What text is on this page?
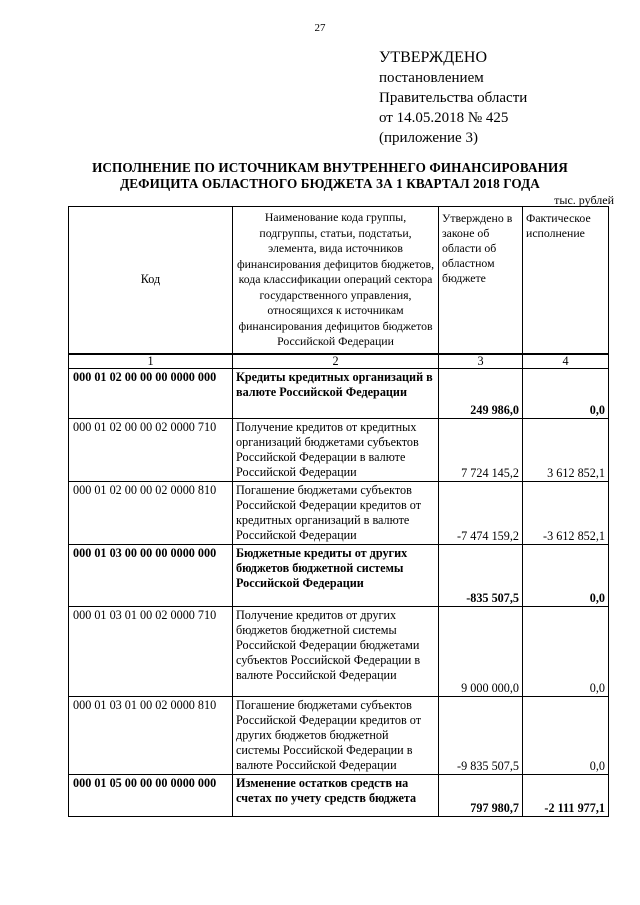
27
УТВЕРЖДЕНО
постановлением
Правительства области
от 14.05.2018 № 425
(приложение 3)
ИСПОЛНЕНИЕ ПО ИСТОЧНИКАМ ВНУТРЕННЕГО ФИНАНСИРОВАНИЯ
ДЕФИЦИТА ОБЛАСТНОГО БЮДЖЕТА ЗА 1 КВАРТАЛ 2018 ГОДА
тыс. рублей
Код	Наименование кода группы, подгруппы, статьи, подстатьи, элемента, вида источников финансирования дефицитов бюджетов, кода классификации операций сектора государственного управления, относящихся к источникам финансирования дефицитов бюджетов Российской Федерации	Утверждено в законе об области об областном бюджете	Фактическое исполнение
1	2	3	4
000 01 02 00 00 00 0000 000	Кредиты кредитных организаций в валюте Российской Федерации	249 986,0	0,0
000 01 02 00 00 02 0000 710	Получение кредитов от кредитных организаций бюджетами субъектов Российской Федерации в валюте Российской Федерации	7 724 145,2	3 612 852,1
000 01 02 00 00 02 0000 810	Погашение бюджетами субъектов Российской Федерации кредитов от кредитных организаций в валюте Российской Федерации	-7 474 159,2	-3 612 852,1
000 01 03 00 00 00 0000 000	Бюджетные кредиты от других бюджетов бюджетной системы Российской Федерации	-835 507,5	0,0
000 01 03 01 00 02 0000 710	Получение кредитов от других бюджетов бюджетной системы Российской Федерации бюджетами субъектов Российской Федерации в валюте Российской Федерации	9 000 000,0	0,0
000 01 03 01 00 02 0000 810	Погашение бюджетами субъектов Российской Федерации кредитов от других бюджетов бюджетной системы Российской Федерации в валюте Российской Федерации	-9 835 507,5	0,0
000 01 05 00 00 00 0000 000	Изменение остатков средств на счетах по учету средств бюджета	797 980,7	-2 111 977,1
